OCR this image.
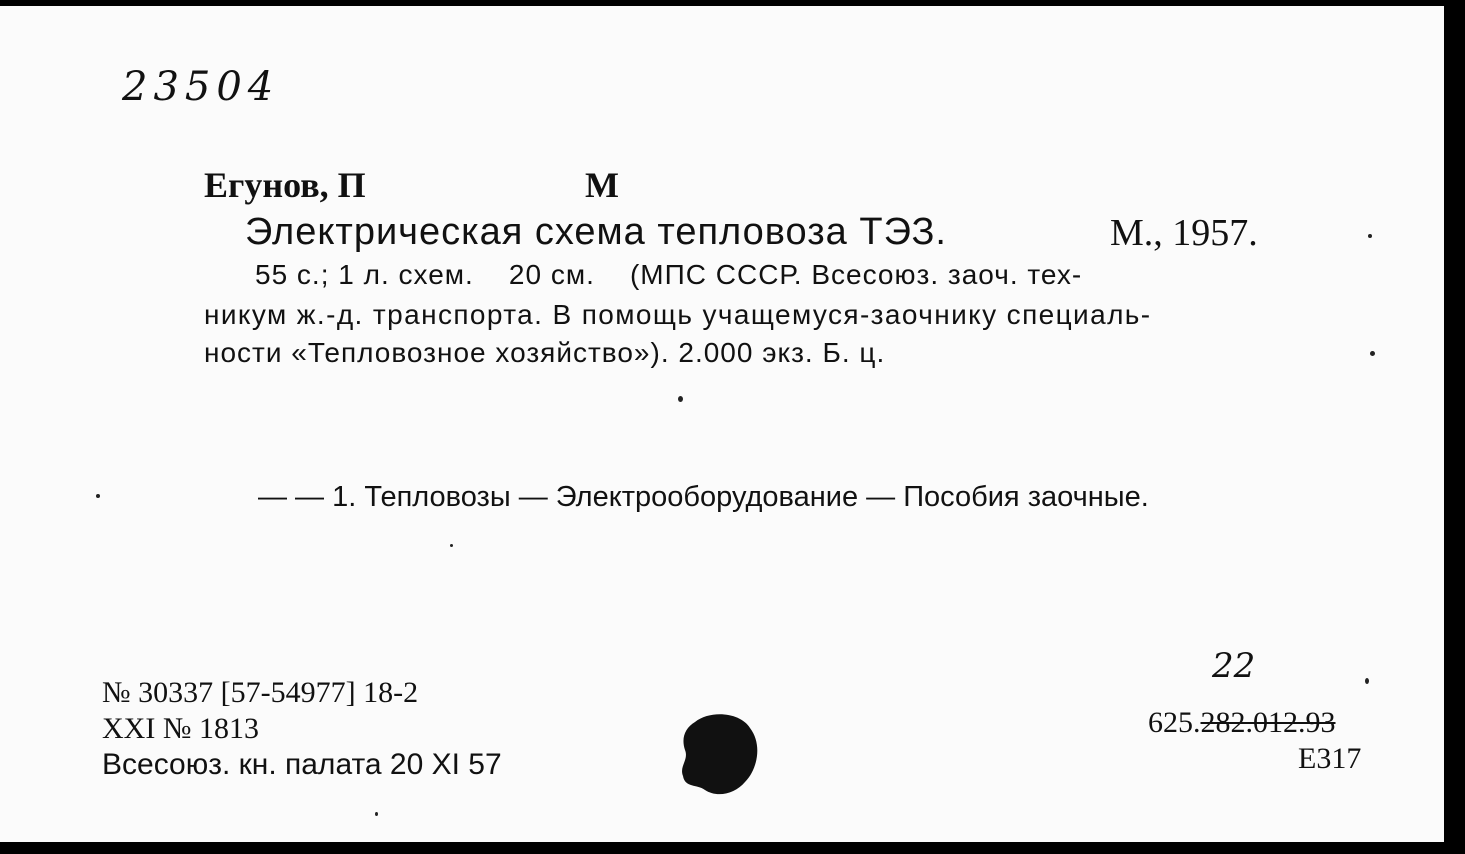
23504
Егунов, П	М
Электрическая схема тепловоза ТЭЗ.	М., 1957.
55 с.; 1 л. схем.    20 см.    (МПС СССР. Всесоюз. заоч. тех-
никум ж.-д. транспорта. В помощь учащемуся-заочнику специаль-
ности «Тепловозное хозяйство»). 2.000 экз. Б. ц.
— — 1. Тепловозы — Электрооборудование — Пособия заочные.
№ 30337 [57-54977] 18-2
XXI № 1813
Всесоюз. кн. палата 20 XI 57
22
625.282.012.93
Е317
